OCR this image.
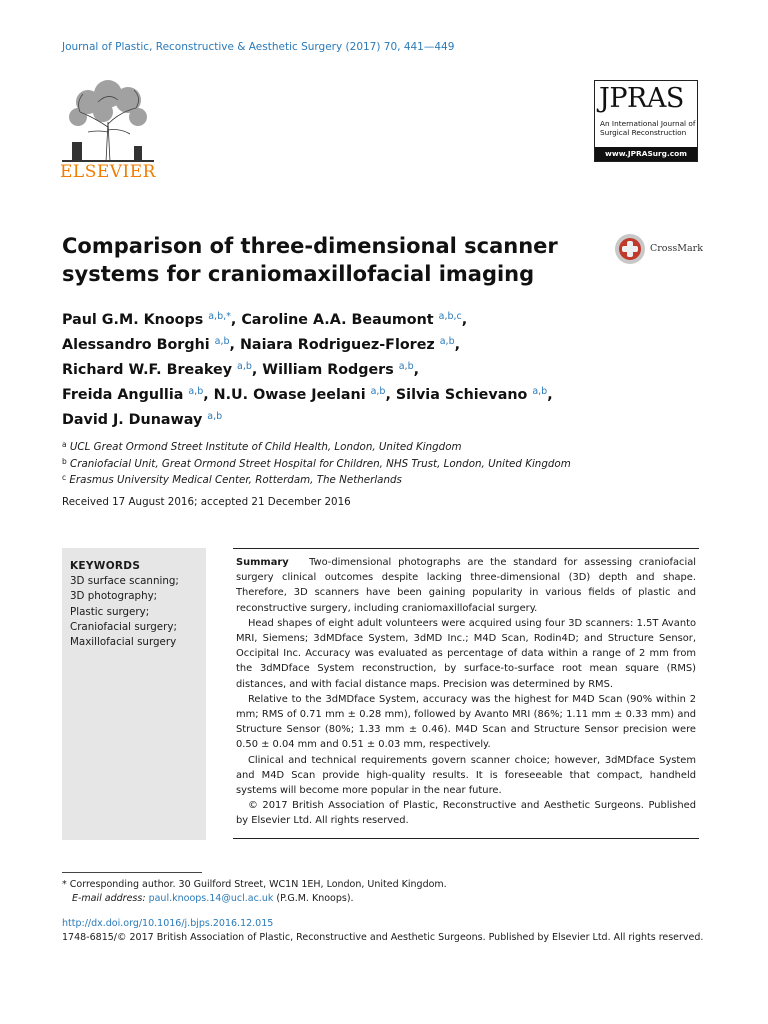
Journal of Plastic, Reconstructive & Aesthetic Surgery (2017) 70, 441—449
ELSEVIER
JPRAS
An International Journal of
Surgical Reconstruction
www.JPRASurg.com
Comparison of three-dimensional scanner
systems for craniomaxillofacial imaging
CrossMark
Paul G.M. Knoops $^{a,b,*}$, Caroline A.A. Beaumont $^{a,b,c}$,
Alessandro Borghi $^{a,b}$, Naiara Rodriguez-Florez $^{a,b}$,
Richard W.F. Breakey $^{a,b}$, William Rodgers $^{a,b}$,
Freida Angullia $^{a,b}$, N.U. Owase Jeelani $^{a,b}$, Silvia Schievano $^{a,b}$,
David J. Dunaway $^{a,b}$
$^a$ UCL Great Ormond Street Institute of Child Health, London, United Kingdom
$^b$ Craniofacial Unit, Great Ormond Street Hospital for Children, NHS Trust, London, United Kingdom
$^c$ Erasmus University Medical Center, Rotterdam, The Netherlands
Received 17 August 2016; accepted 21 December 2016
KEYWORDS
3D surface scanning;
3D photography;
Plastic surgery;
Craniofacial surgery;
Maxillofacial surgery

Summary Two-dimensional photographs are the standard for assessing craniofacial surgery clinical outcomes despite lacking three-dimensional (3D) depth and shape. Therefore, 3D scanners have been gaining popularity in various fields of plastic and reconstructive surgery, including craniomaxillofacial surgery.

Head shapes of eight adult volunteers were acquired using four 3D scanners: 1.5T Avanto MRI, Siemens; 3dMDface System, 3dMD Inc.; M4D Scan, Rodin4D; and Structure Sensor, Occipital Inc. Accuracy was evaluated as percentage of data within a range of 2 mm from the 3dMDface System reconstruction, by surface-to-surface root mean square (RMS) distances, and with facial distance maps. Precision was determined by RMS.

Relative to the 3dMDface System, accuracy was the highest for M4D Scan (90% within 2 mm; RMS of 0.71 mm ± 0.28 mm), followed by Avanto MRI (86%; 1.11 mm ± 0.33 mm) and Structure Sensor (80%; 1.33 mm ± 0.46). M4D Scan and Structure Sensor precision were 0.50 ± 0.04 mm and 0.51 ± 0.03 mm, respectively.

Clinical and technical requirements govern scanner choice; however, 3dMDface System and M4D Scan provide high-quality results. It is foreseeable that compact, handheld systems will become more popular in the near future.

© 2017 British Association of Plastic, Reconstructive and Aesthetic Surgeons. Published by Elsevier Ltd. All rights reserved.

* Corresponding author. 30 Guilford Street, WC1N 1EH, London, United Kingdom.
E-mail address: paul.knoops.14@ucl.ac.uk (P.G.M. Knoops).
http://dx.doi.org/10.1016/j.bjps.2016.12.015
1748-6815/© 2017 British Association of Plastic, Reconstructive and Aesthetic Surgeons. Published by Elsevier Ltd. All rights reserved.
